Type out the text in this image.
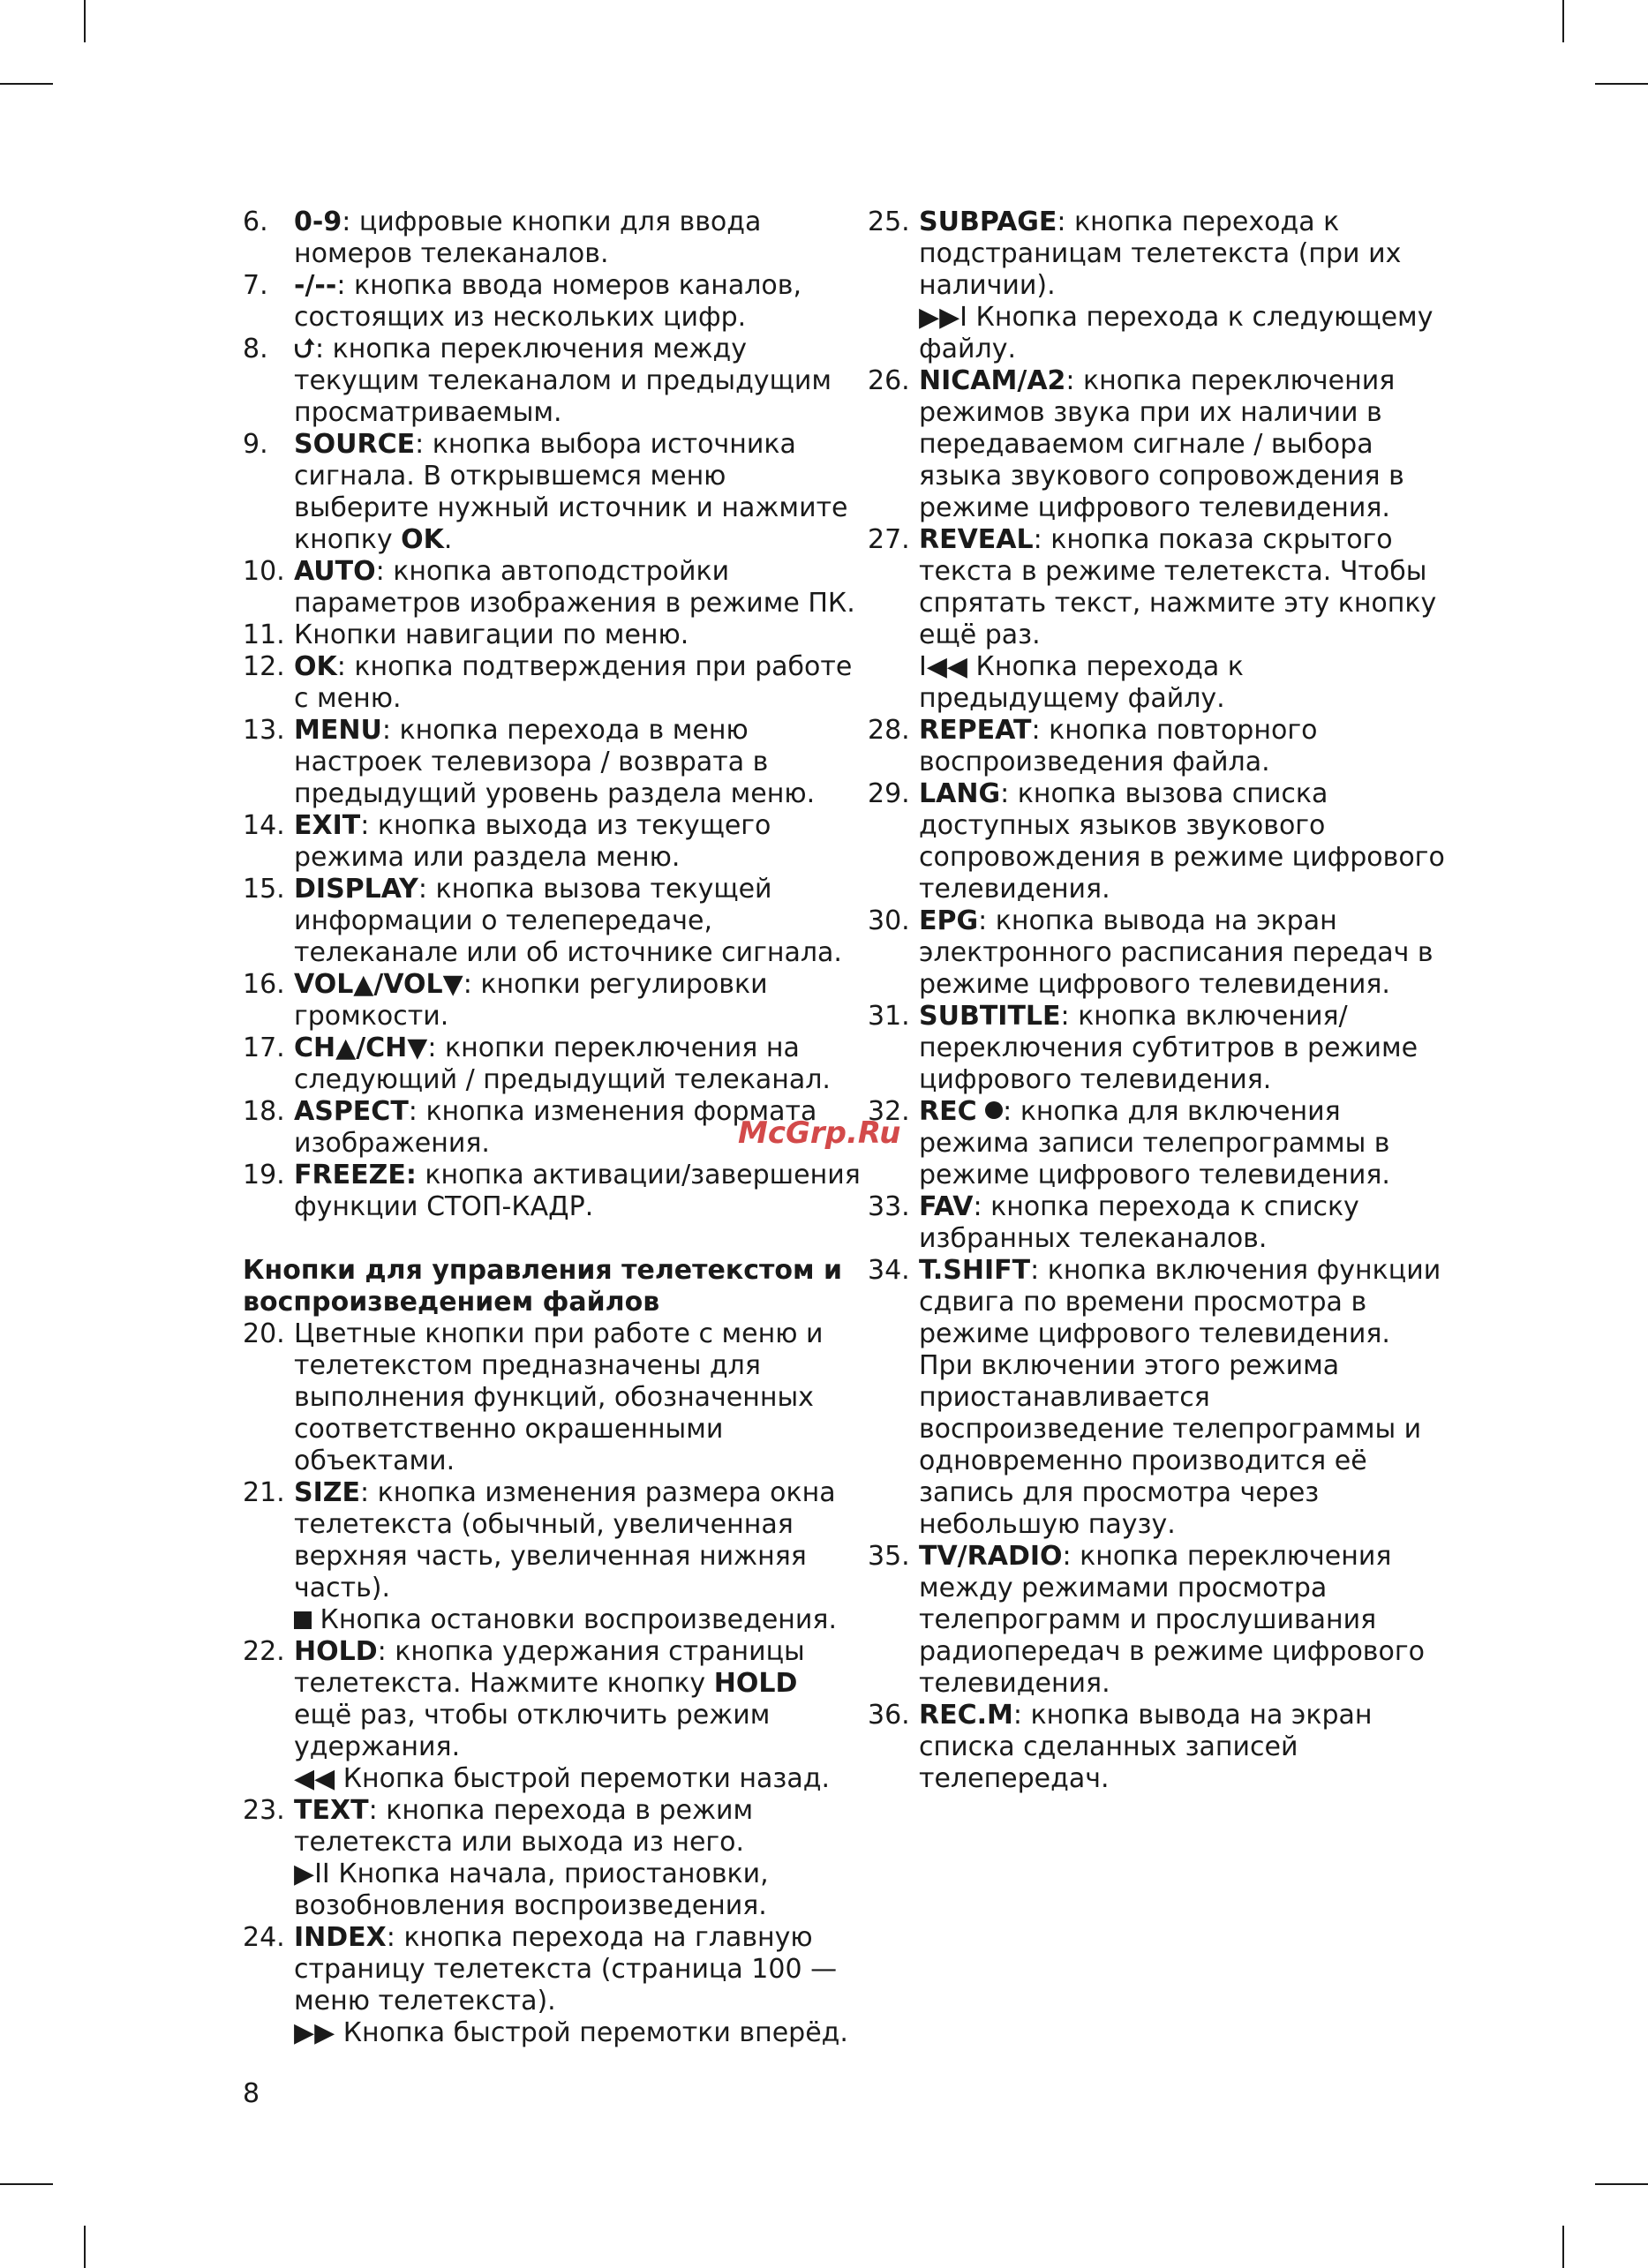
6. 0-9: цифровые кнопки для ввода номеров телеканалов.
7. -/--: кнопка ввода номеров каналов, состоящих из нескольких цифр.
8. ⮍: кнопка переключения между текущим телеканалом и предыдущим просматриваемым.
9. SOURCE: кнопка выбора источника сигнала. В открывшемся меню выберите нужный источник и нажмите кнопку OK.
10. AUTO: кнопка автоподстройки параметров изображения в режиме ПК.
11. Кнопки навигации по меню.
12. OK: кнопка подтверждения при работе с меню.
13. MENU: кнопка перехода в меню настроек телевизора / возврата в предыдущий уровень раздела меню.
14. EXIT: кнопка выхода из текущего режима или раздела меню.
15. DISPLAY: кнопка вызова текущей информации о телепередаче, телеканале или об источнике сигнала.
16. VOL▲/VOL▼: кнопки регулировки громкости.
17. CH▲/CH▼: кнопки переключения на следующий / предыдущий телеканал.
18. ASPECT: кнопка изменения формата изображения.
19. FREEZE: кнопка активации/завершения функции СТОП-КАДР.
Кнопки для управления телетекстом и воспроизведением файлов
20. Цветные кнопки при работе с меню и телетекстом предназначены для выполнения функций, обозначенных соответственно окрашенными объектами.
21. SIZE: кнопка изменения размера окна телетекста (обычный, увеличенная верхняя часть, увеличенная нижняя часть).
Кнопка остановки воспроизведения.
22. HOLD: кнопка удержания страницы телетекста. Нажмите кнопку HOLD ещё раз, чтобы отключить режим удержания.
◀◀ Кнопка быстрой перемотки назад.
23. TEXT: кнопка перехода в режим телетекста или выхода из него.
▶II Кнопка начала, приостановки, возобновления воспроизведения.
24. INDEX: кнопка перехода на главную страницу телетекста (страница 100 — меню телетекста).
▶▶ Кнопка быстрой перемотки вперёд.
25. SUBPAGE: кнопка перехода к подстраницам телетекста (при их наличии).
▶▶I Кнопка перехода к следующему файлу.
26. NICAM/A2: кнопка переключения режимов звука при их наличии в передаваемом сигнале / выбора языка звукового сопровождения в режиме цифрового телевидения.
27. REVEAL: кнопка показа скрытого текста в режиме телетекста. Чтобы спрятать текст, нажмите эту кнопку ещё раз.
I◀◀ Кнопка перехода к предыдущему файлу.
28. REPEAT: кнопка повторного воспроизведения файла.
29. LANG: кнопка вызова списка доступных языков звукового сопровождения в режиме цифрового телевидения.
30. EPG: кнопка вывода на экран электронного расписания передач в режиме цифрового телевидения.
31. SUBTITLE: кнопка включения/переключения субтитров в режиме цифрового телевидения.
32. REC : кнопка для включения режима записи телепрограммы в режиме цифрового телевидения.
33. FAV: кнопка перехода к списку избранных телеканалов.
34. T.SHIFT: кнопка включения функции сдвига по времени просмотра в режиме цифрового телевидения. При включении этого режима приостанавливается воспроизведение телепрограммы и одновременно производится её запись для просмотра через небольшую паузу.
35. TV/RADIO: кнопка переключения между режимами просмотра телепрограмм и прослушивания радиопередач в режиме цифрового телевидения.
36. REC.M: кнопка вывода на экран списка сделанных записей телепередач.
McGrp.Ru
8
